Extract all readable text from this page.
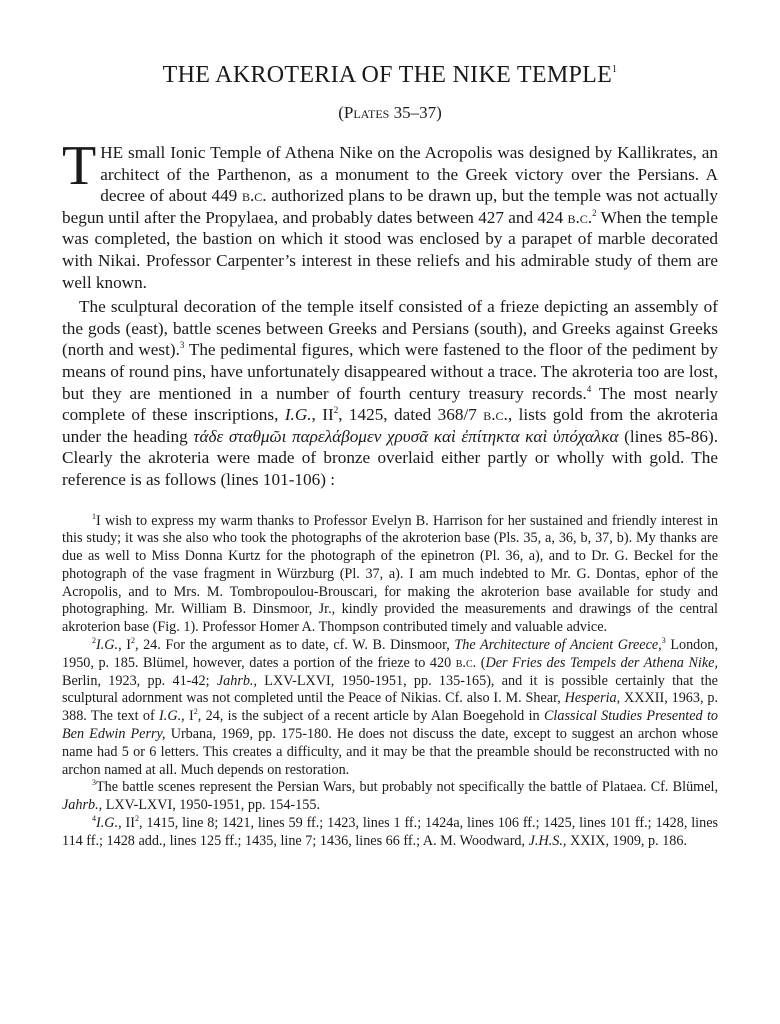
THE AKROTERIA OF THE NIKE TEMPLE$^1$
(Plates 35–37)

THE small Ionic Temple of Athena Nike on the Acropolis was designed by Kallikrates, an architect of the Parthenon, as a monument to the Greek victory over the Persians. A decree of about 449 b.c. authorized plans to be drawn up, but the temple was not actually begun until after the Propylaea, and probably dates between 427 and 424 b.c.$^2$ When the temple was completed, the bastion on which it stood was enclosed by a parapet of marble decorated with Nikai. Professor Carpenter’s interest in these reliefs and his admirable study of them are well known.

The sculptural decoration of the temple itself consisted of a frieze depicting an assembly of the gods (east), battle scenes between Greeks and Persians (south), and Greeks against Greeks (north and west).$^3$ The pedimental figures, which were fastened to the floor of the pediment by means of round pins, have unfortunately disappeared without a trace. The akroteria too are lost, but they are mentioned in a number of fourth century treasury records.$^4$ The most nearly complete of these inscriptions, I.G., $II^2$, 1425, dated 368/7 b.c., lists gold from the akroteria under the heading τάδε σταθμῶι παρελάβομεν χρυσᾶ καὶ ἐπίτηκτα καὶ ὑπόχαλκα (lines 85-86). Clearly the akroteria were made of bronze overlaid either partly or wholly with gold. The reference is as follows (lines 101-106) :

$^1$I wish to express my warm thanks to Professor Evelyn B. Harrison for her sustained and friendly interest in this study; it was she also who took the photographs of the akroterion base (Pls. 35, a, 36, b, 37, b). My thanks are due as well to Miss Donna Kurtz for the photograph of the epinetron (Pl. 36, a), and to Dr. G. Beckel for the photograph of the vase fragment in Würzburg (Pl. 37, a). I am much indebted to Mr. G. Dontas, ephor of the Acropolis, and to Mrs. M. Tombropoulou-Brouscari, for making the akroterion base available for study and photographing. Mr. William B. Dinsmoor, Jr., kindly provided the measurements and drawings of the central akroterion base (Fig. 1). Professor Homer A. Thompson contributed timely and valuable advice.

$^2$I.G., $I^2$, 24. For the argument as to date, cf. W. B. Dinsmoor, The Architecture of Ancient Greece,$^3$ London, 1950, p. 185. Blümel, however, dates a portion of the frieze to 420 b.c. (Der Fries des Tempels der Athena Nike, Berlin, 1923, pp. 41-42; Jahrb., LXV-LXVI, 1950-1951, pp. 135-165), and it is possible certainly that the sculptural adornment was not completed until the Peace of Nikias. Cf. also I. M. Shear, Hesperia, XXXII, 1963, p. 388. The text of I.G., $I^2$, 24, is the subject of a recent article by Alan Boegehold in Classical Studies Presented to Ben Edwin Perry, Urbana, 1969, pp. 175-180. He does not discuss the date, except to suggest an archon whose name had 5 or 6 letters. This creates a difficulty, and it may be that the preamble should be reconstructed with no archon named at all. Much depends on restoration.

$^3$The battle scenes represent the Persian Wars, but probably not specifically the battle of Plataea. Cf. Blümel, Jahrb., LXV-LXVI, 1950-1951, pp. 154-155.

$^4$I.G., $II^2$, 1415, line 8; 1421, lines 59 ff.; 1423, lines 1 ff.; 1424a, lines 106 ff.; 1425, lines 101 ff.; 1428, lines 114 ff.; 1428 add., lines 125 ff.; 1435, line 7; 1436, lines 66 ff.; A. M. Woodward, J.H.S., XXIX, 1909, p. 186.
